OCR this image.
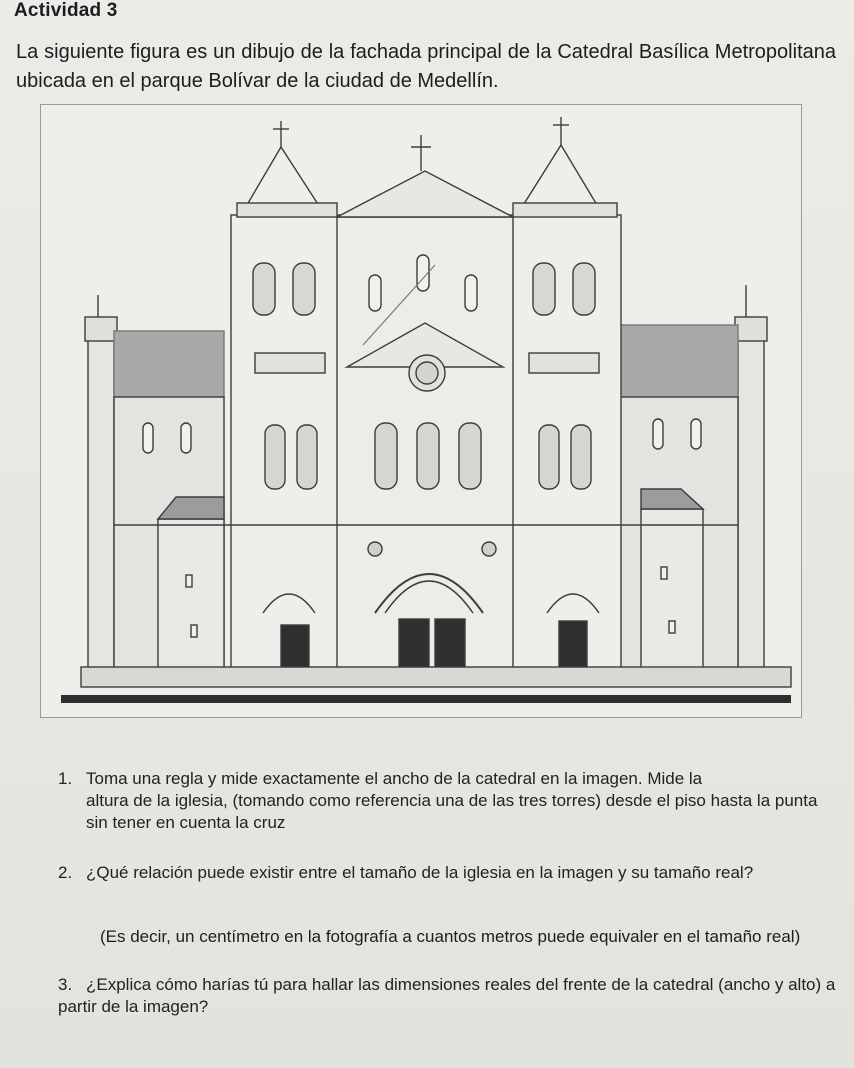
Actividad 3
La siguiente figura es un dibujo de la fachada principal de la Catedral Basílica Metropolitana ubicada en el parque Bolívar de la ciudad de Medellín.
1. Toma una regla y mide exactamente el ancho de la catedral en la imagen. Mide la
altura de la iglesia, (tomando como referencia una de las tres torres) desde el piso hasta la punta sin tener en cuenta la cruz
2. ¿Qué relación puede existir entre el tamaño de la iglesia en la imagen y su tamaño real?
(Es decir, un centímetro en la fotografía a cuantos metros puede equivaler en el tamaño real)
3. ¿Explica cómo harías tú para hallar las dimensiones reales del frente de la catedral (ancho y alto) a partir de la imagen?
